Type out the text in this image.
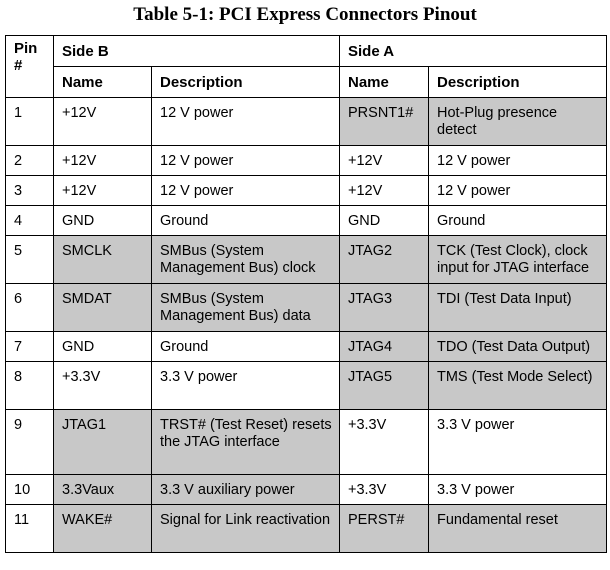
Table 5-1: PCI Express Connectors Pinout
Pin #	Side B		Side A	
	Name	Description	Name	Description
1	+12V	12 V power	PRSNT1#	Hot-Plug presence detect
2	+12V	12 V power	+12V	12 V power
3	+12V	12 V power	+12V	12 V power
4	GND	Ground	GND	Ground
5	SMCLK	SMBus (System Management Bus) clock	JTAG2	TCK (Test Clock), clock input for JTAG interface
6	SMDAT	SMBus (System Management Bus) data	JTAG3	TDI (Test Data Input)
7	GND	Ground	JTAG4	TDO (Test Data Output)
8	+3.3V	3.3 V power	JTAG5	TMS (Test Mode Select)
9	JTAG1	TRST# (Test Reset) resets the JTAG interface	+3.3V	3.3 V power
10	3.3Vaux	3.3 V auxiliary power	+3.3V	3.3 V power
11	WAKE#	Signal for Link reactivation	PERST#	Fundamental reset
